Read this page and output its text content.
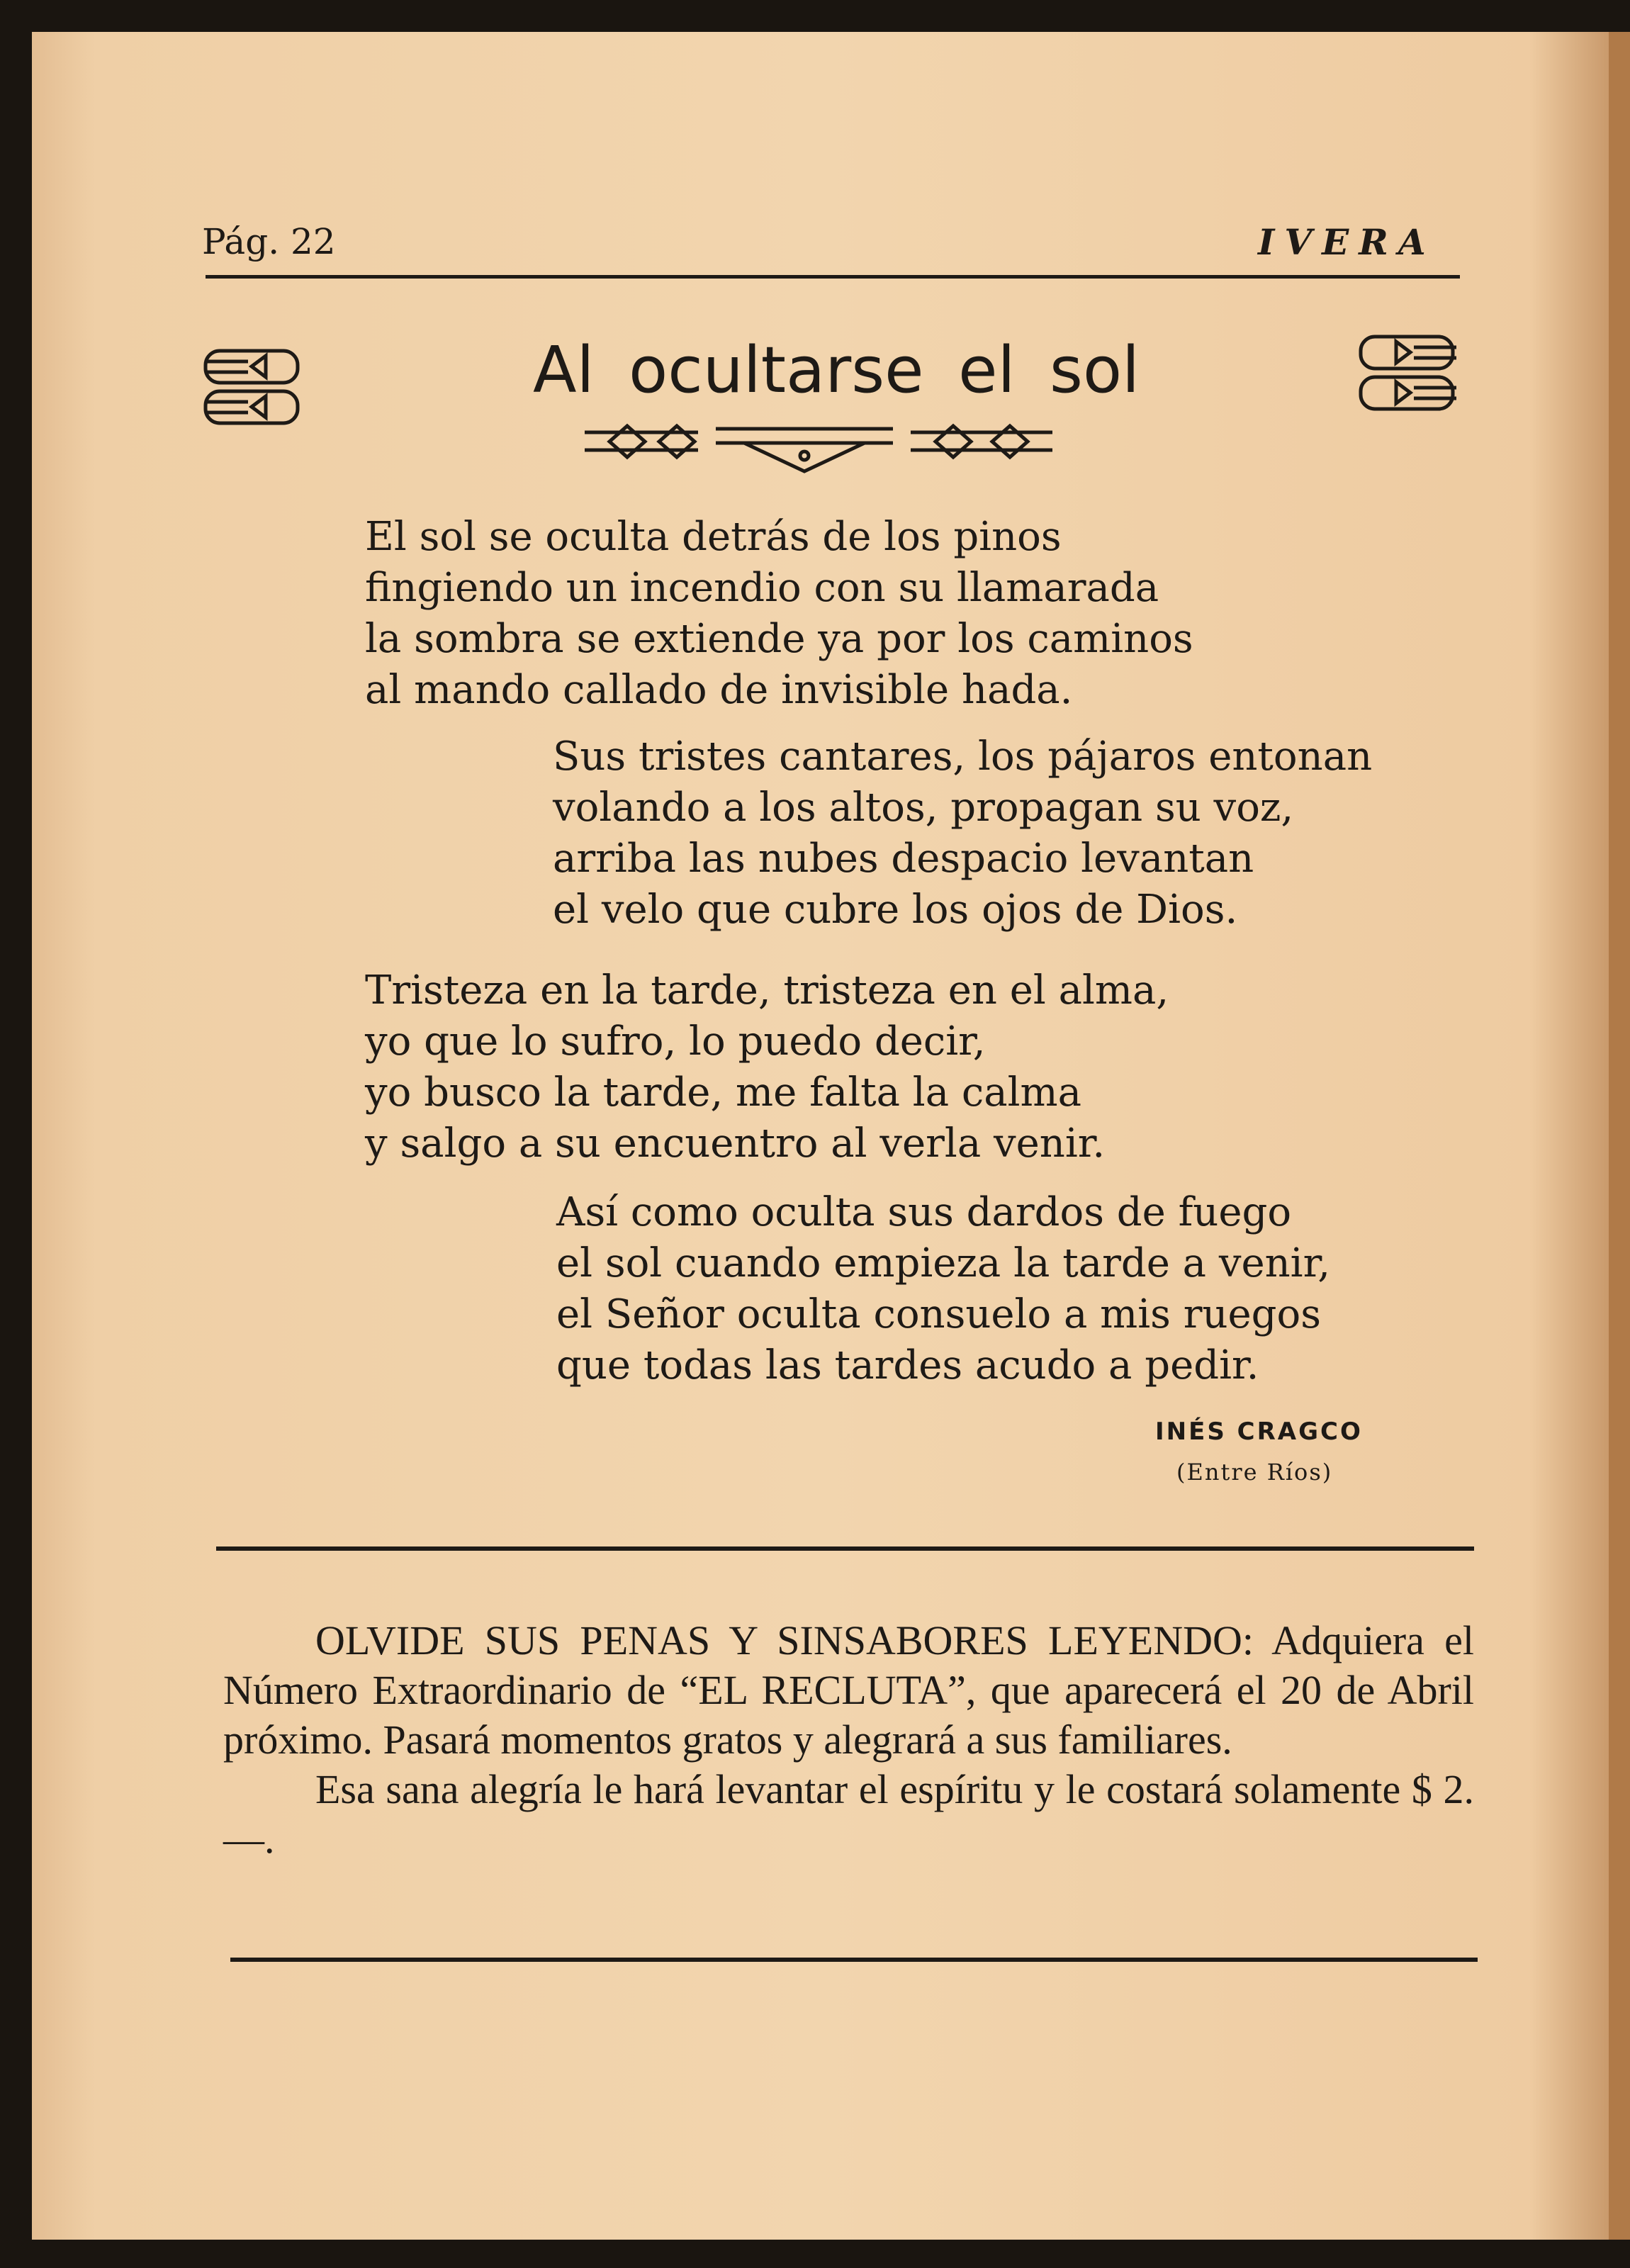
Pág. 22	IVERA
Al ocultarse el sol
El sol se oculta detrás de los pinos
fingiendo un incendio con su llamarada
la sombra se extiende ya por los caminos
al mando callado de invisible hada.
Sus tristes cantares, los pájaros entonan
volando a los altos, propagan su voz,
arriba las nubes despacio levantan
el velo que cubre los ojos de Dios.
Tristeza en la tarde, tristeza en el alma,
yo que lo sufro, lo puedo decir,
yo busco la tarde, me falta la calma
y salgo a su encuentro al verla venir.
Así como oculta sus dardos de fuego
el sol cuando empieza la tarde a venir,
el Señor oculta consuelo a mis ruegos
que todas las tardes acudo a pedir.
INÉS CRAGCO
(Entre Ríos)

OLVIDE SUS PENAS Y SINSABORES LEYENDO: Adquiera el Número Extraordinario de “EL RECLUTA”, que aparecerá el 20 de Abril próximo. Pasará momentos gratos y alegrará a sus familiares.

Esa sana alegría le hará levantar el espíritu y le costará solamente $ 2.—.
